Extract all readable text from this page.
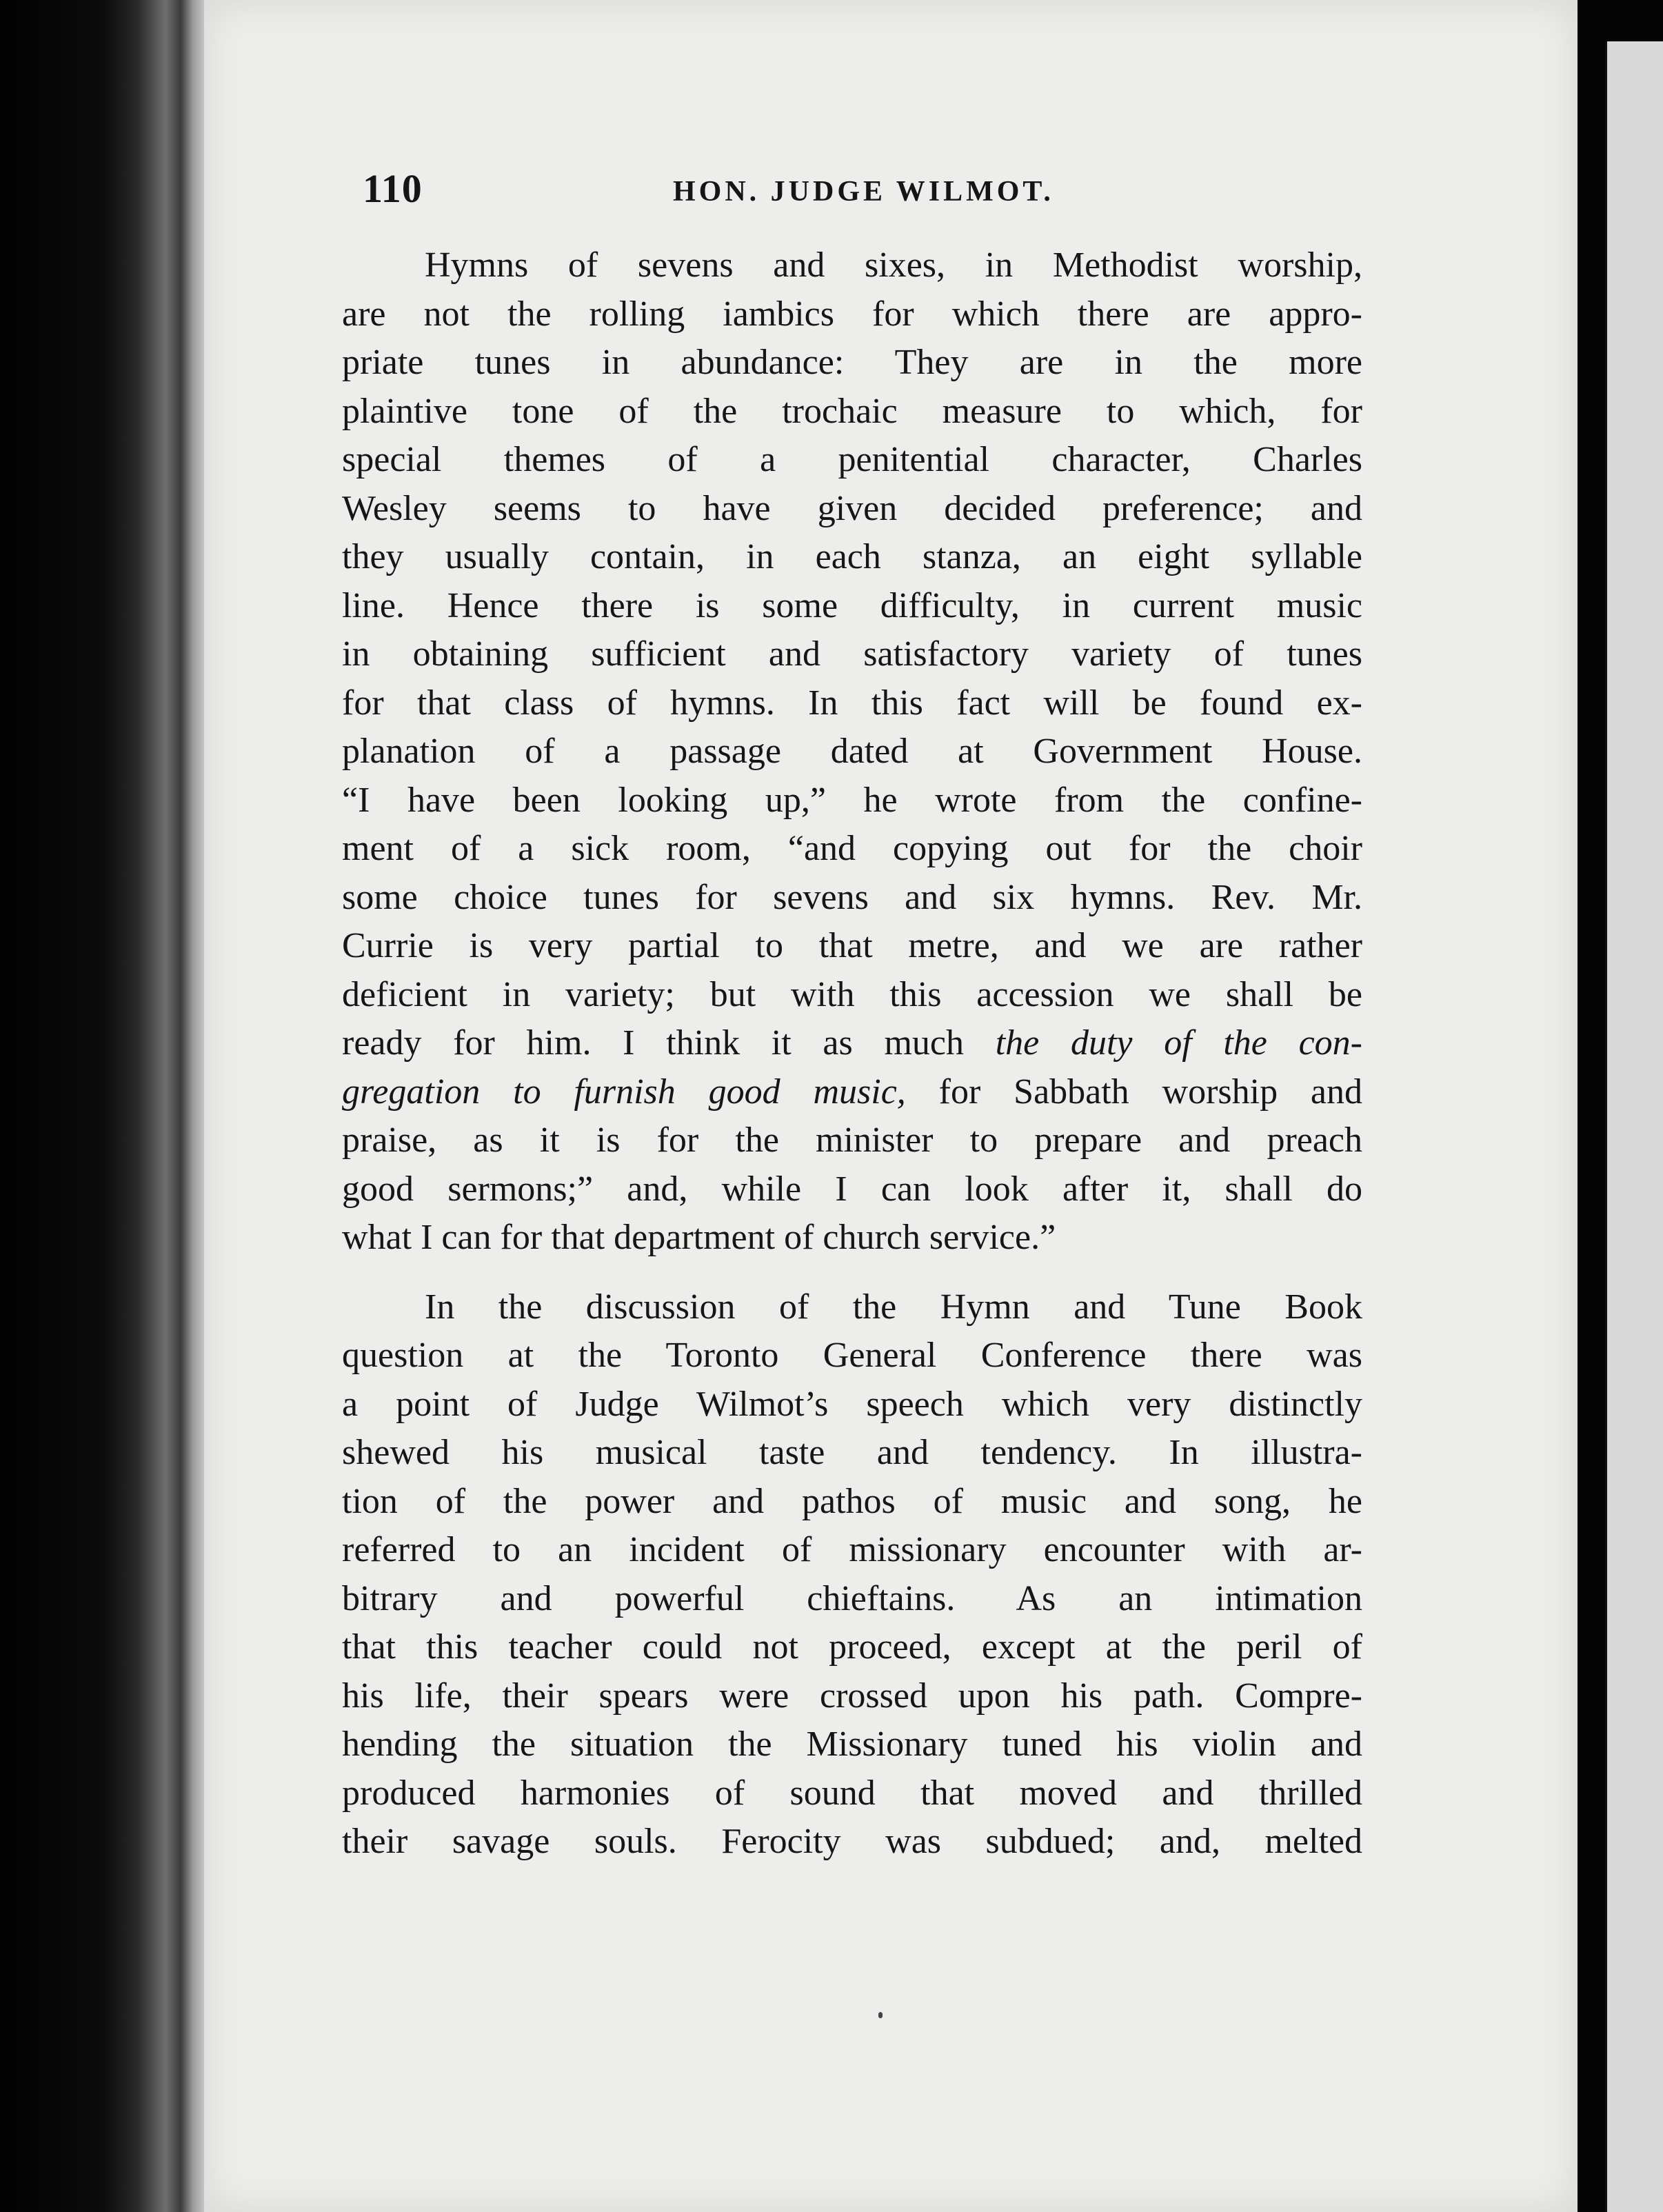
110	HON. JUDGE WILMOT.
Hymns of sevens and sixes, in Methodist worship,
are not the rolling iambics for which there are appro-
priate tunes in abundance: They are in the more
plaintive tone of the trochaic measure to which, for
special themes of a penitential character, Charles
Wesley seems to have given decided preference; and
they usually contain, in each stanza, an eight syllable
line. Hence there is some difficulty, in current music
in obtaining sufficient and satisfactory variety of tunes
for that class of hymns. In this fact will be found ex-
planation of a passage dated at Government House.
“I have been looking up,” he wrote from the confine-
ment of a sick room, “and copying out for the choir
some choice tunes for sevens and six hymns. Rev. Mr.
Currie is very partial to that metre, and we are rather
deficient in variety; but with this accession we shall be
ready for him. I think it as much the duty of the con-
gregation to furnish good music, for Sabbath worship and
praise, as it is for the minister to prepare and preach
good sermons;” and, while I can look after it, shall do
what I can for that department of church service.”
In the discussion of the Hymn and Tune Book
question at the Toronto General Conference there was
a point of Judge Wilmot’s speech which very distinctly
shewed his musical taste and tendency. In illustra-
tion of the power and pathos of music and song, he
referred to an incident of missionary encounter with ar-
bitrary and powerful chieftains. As an intimation
that this teacher could not proceed, except at the peril of
his life, their spears were crossed upon his path. Compre-
hending the situation the Missionary tuned his violin and
produced harmonies of sound that moved and thrilled
their savage souls. Ferocity was subdued; and, melted
